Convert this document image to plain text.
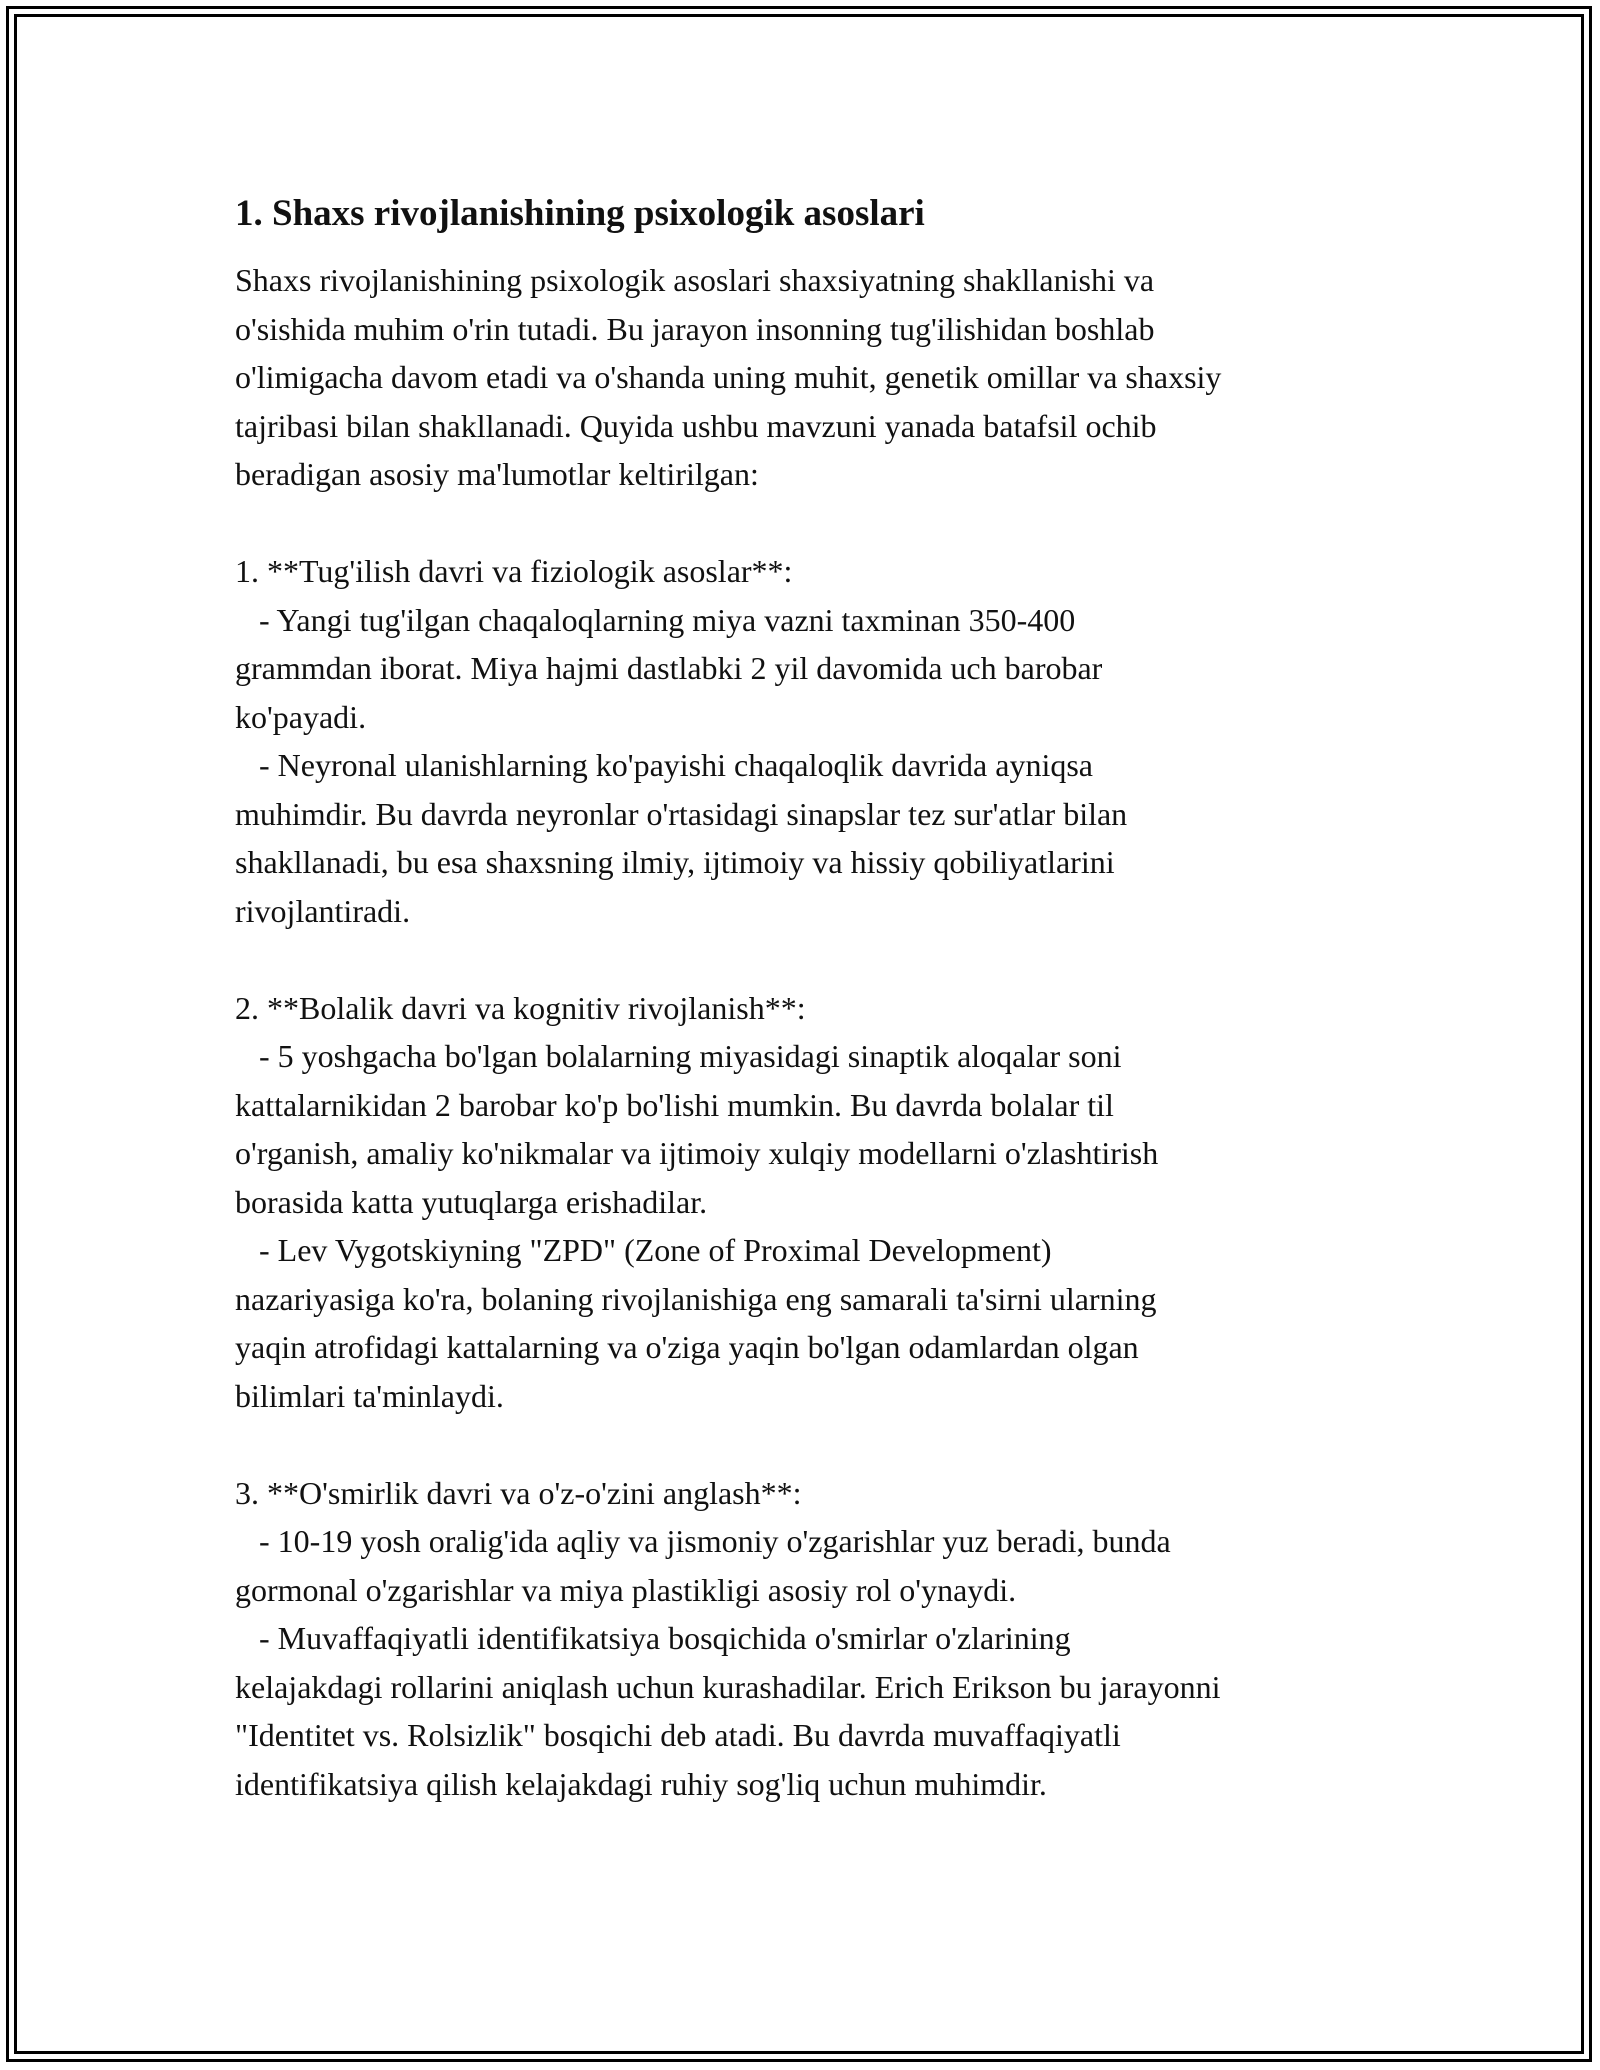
1. Shaxs rivojlanishining psixologik asoslari
Shaxs rivojlanishining psixologik asoslari shaxsiyatning shakllanishi va
o'sishida muhim o'rin tutadi. Bu jarayon insonning tug'ilishidan boshlab
o'limigacha davom etadi va o'shanda uning muhit, genetik omillar va shaxsiy
tajribasi bilan shakllanadi. Quyida ushbu mavzuni yanada batafsil ochib
beradigan asosiy ma'lumotlar keltirilgan:

1. **Tug'ilish davri va fiziologik asoslar**:
- Yangi tug'ilgan chaqaloqlarning miya vazni taxminan 350-400
grammdan iborat. Miya hajmi dastlabki 2 yil davomida uch barobar
ko'payadi.
- Neyronal ulanishlarning ko'payishi chaqaloqlik davrida ayniqsa
muhimdir. Bu davrda neyronlar o'rtasidagi sinapslar tez sur'atlar bilan
shakllanadi, bu esa shaxsning ilmiy, ijtimoiy va hissiy qobiliyatlarini
rivojlantiradi.

2. **Bolalik davri va kognitiv rivojlanish**:
- 5 yoshgacha bo'lgan bolalarning miyasidagi sinaptik aloqalar soni
kattalarnikidan 2 barobar ko'p bo'lishi mumkin. Bu davrda bolalar til
o'rganish, amaliy ko'nikmalar va ijtimoiy xulqiy modellarni o'zlashtirish
borasida katta yutuqlarga erishadilar.
- Lev Vygotskiyning "ZPD" (Zone of Proximal Development)
nazariyasiga ko'ra, bolaning rivojlanishiga eng samarali ta'sirni ularning
yaqin atrofidagi kattalarning va o'ziga yaqin bo'lgan odamlardan olgan
bilimlari ta'minlaydi.

3. **O'smirlik davri va o'z-o'zini anglash**:
- 10-19 yosh oralig'ida aqliy va jismoniy o'zgarishlar yuz beradi, bunda
gormonal o'zgarishlar va miya plastikligi asosiy rol o'ynaydi.
- Muvaffaqiyatli identifikatsiya bosqichida o'smirlar o'zlarining
kelajakdagi rollarini aniqlash uchun kurashadilar. Erich Erikson bu jarayonni
"Identitet vs. Rolsizlik" bosqichi deb atadi. Bu davrda muvaffaqiyatli
identifikatsiya qilish kelajakdagi ruhiy sog'liq uchun muhimdir.
